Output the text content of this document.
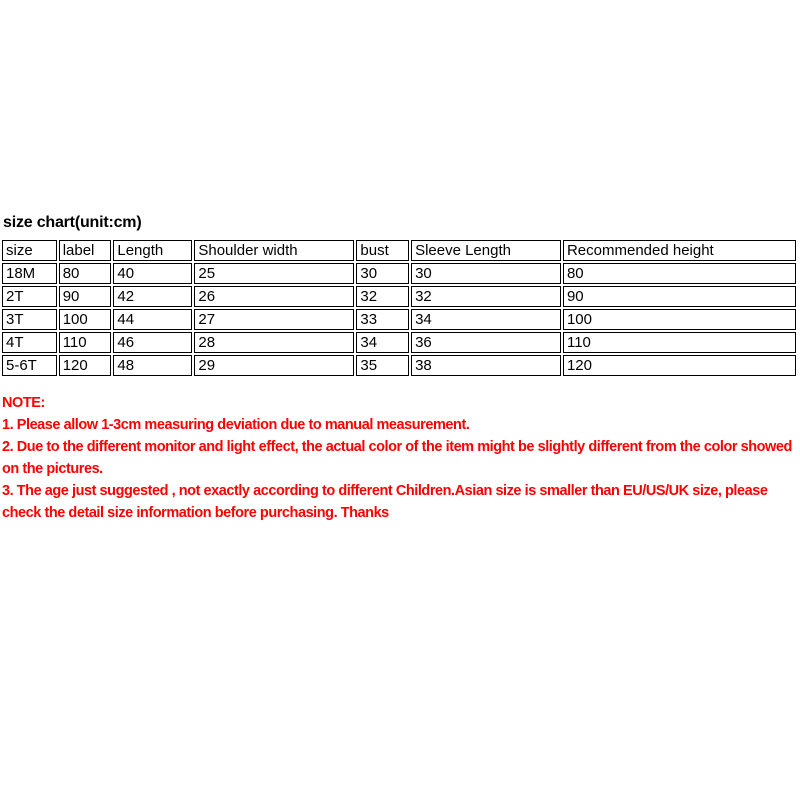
size chart(unit:cm)
size	label	Length	Shoulder width	bust	Sleeve Length	Recommended height
18M	80	40	25	30	30	80
2T	90	42	26	32	32	90
3T	100	44	27	33	34	100
4T	110	46	28	34	36	110
5-6T	120	48	29	35	38	120
NOTE:
1. Please allow 1-3cm measuring deviation due to manual measurement.
2. Due to the different monitor and light effect, the actual color of the item might be slightly different from the color showed on the pictures.
3. The age just suggested , not exactly according to different Children.Asian size is smaller than EU/US/UK size, please check the detail size information before purchasing. Thanks
